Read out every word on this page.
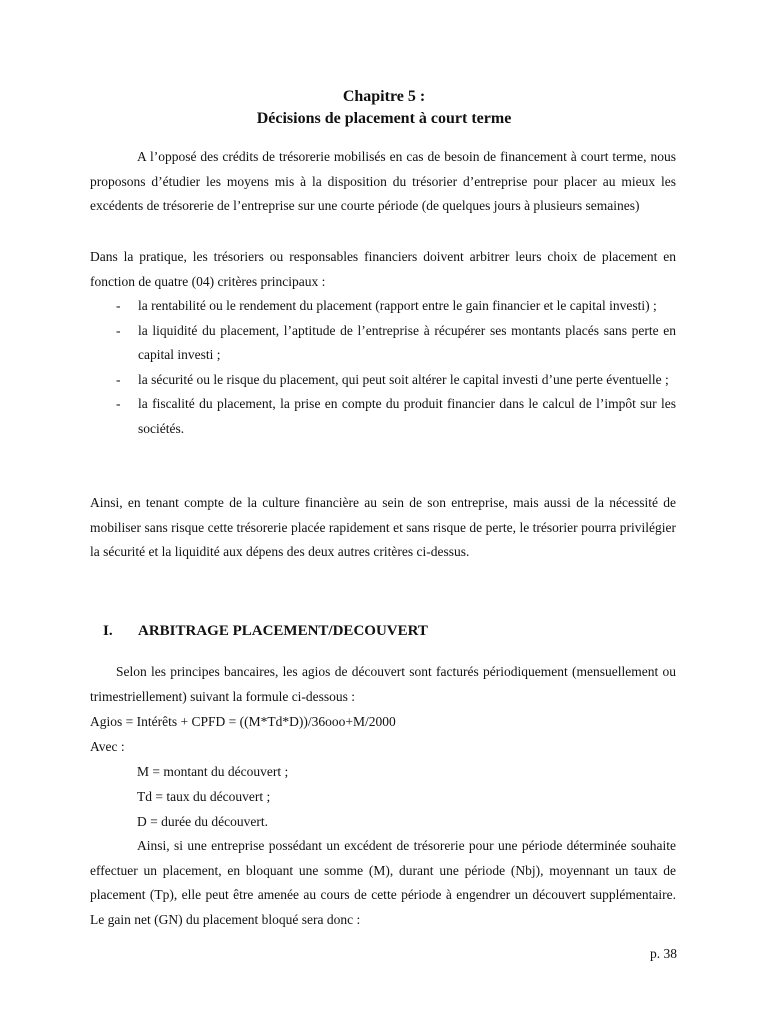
Chapitre 5 :
Décisions de placement à court terme

A l’opposé des crédits de trésorerie mobilisés en cas de besoin de financement à court terme, nous proposons d’étudier les moyens mis à la disposition du trésorier d’entreprise pour placer au mieux les excédents de trésorerie de l’entreprise sur une courte période (de quelques jours à plusieurs semaines)

Dans la pratique, les trésoriers ou responsables financiers doivent arbitrer leurs choix de placement en fonction de quatre (04) critères principaux :

- la rentabilité ou le rendement du placement (rapport entre le gain financier et le capital investi) ;
- la liquidité du placement, l’aptitude de l’entreprise à récupérer ses montants placés sans perte en capital investi ;
- la sécurité ou le risque du placement, qui peut soit altérer le capital investi d’une perte éventuelle ;
- la fiscalité du placement, la prise en compte du produit financier dans le calcul de l’impôt sur les sociétés.

Ainsi, en tenant compte de la culture financière au sein de son entreprise, mais aussi de la nécessité de mobiliser sans risque cette trésorerie placée rapidement et sans risque de perte, le trésorier pourra privilégier la sécurité et la liquidité aux dépens des deux autres critères ci-dessus.

I. ARBITRAGE PLACEMENT/DECOUVERT

Selon les principes bancaires, les agios de découvert sont facturés périodiquement (mensuellement ou trimestriellement) suivant la formule ci-dessous :

Agios = Intérêts + CPFD = ((M*Td*D))/36ooo+M/2000
Avec :
M = montant du découvert ;
Td = taux du découvert ;
D = durée du découvert.

Ainsi, si une entreprise possédant un excédent de trésorerie pour une période déterminée souhaite effectuer un placement, en bloquant une somme (M), durant une période (Nbj), moyennant un taux de placement (Tp), elle peut être amenée au cours de cette période à engendrer un découvert supplémentaire. Le gain net (GN) du placement bloqué sera donc :

p. 38
